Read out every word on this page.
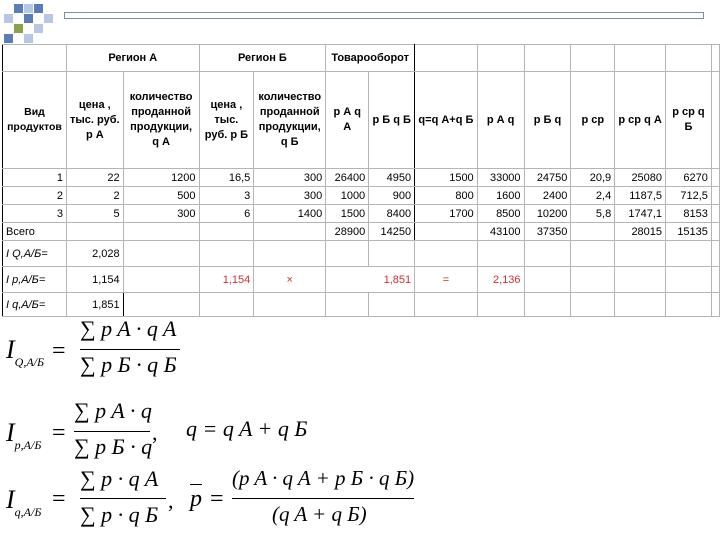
	Регион А		Регион Б		Товарооборот								
Вид продуктов	цена , тыс. руб. p А	количество проданной продукции, q А	цена , тыс. руб. p Б	количество проданной продукции, q Б	p А q А	p Б q Б	q=q А+q Б	p А q	p Б q	p ср	p ср q А	p ср q Б	
1	22	1200	16,5	300	26400	4950	1500	33000	24750	20,9	25080	6270	
2	2	500	3	300	1000	900	800	1600	2400	2,4	1187,5	712,5	
3	5	300	6	1400	1500	8400	1700	8500	10200	5,8	1747,1	8153	
Всего					28900	14250		43100	37350		28015	15135	
I Q,A/Б=	2,028												
I p,A/Б=	1,154		1,154	×	1,851		=	2,136					
I q,A/Б=	1,851												
$I_{Q,A/Б}$ =
∑ p A · q A
∑ p Б · q Б
$I_{p,A/Б}$ =
∑ p A · q
∑ p Б · q
, q = q A + q Б
$I_{q,A/Б}$ =
∑ p · q A
∑ p · q Б
, p =
(p A · q A + p Б · q Б)
(q A + q Б)
